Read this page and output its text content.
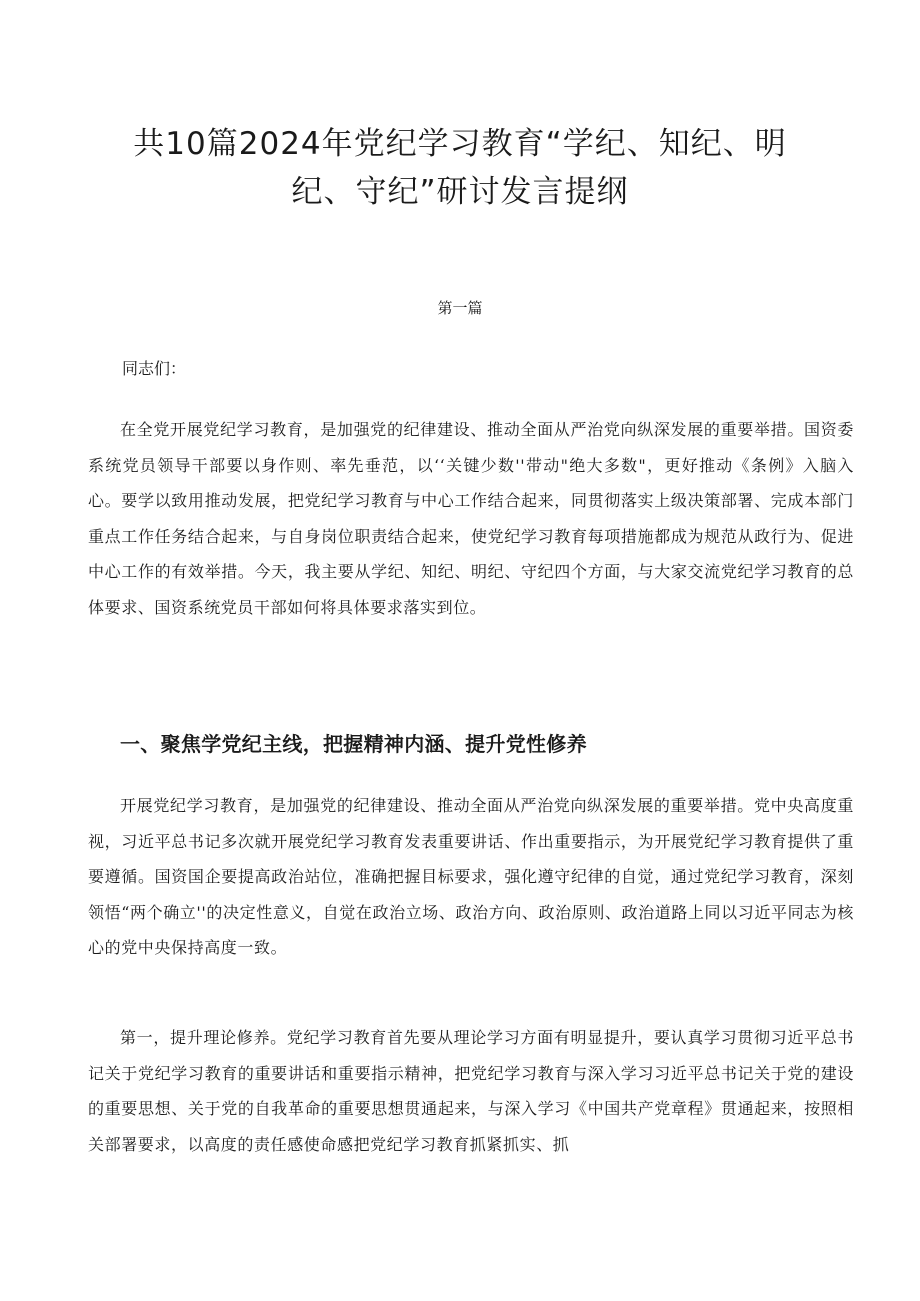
共10篇2024年党纪学习教育“学纪、知纪、明纪、守纪”研讨发言提纲
第一篇
同志们：

在全党开展党纪学习教育，是加强党的纪律建设、推动全面从严治党向纵深发展的重要举措。国资委系统党员领导干部要以身作则、率先垂范，以‘‘关键少数''带动"绝大多数"，更好推动《条例》入脑入心。要学以致用推动发展，把党纪学习教育与中心工作结合起来，同贯彻落实上级决策部署、完成本部门重点工作任务结合起来，与自身岗位职责结合起来，使党纪学习教育每项措施都成为规范从政行为、促进中心工作的有效举措。今天，我主要从学纪、知纪、明纪、守纪四个方面，与大家交流党纪学习教育的总体要求、国资系统党员干部如何将具体要求落实到位。

一、聚焦学党纪主线，把握精神内涵、提升党性修养

开展党纪学习教育，是加强党的纪律建设、推动全面从严治党向纵深发展的重要举措。党中央高度重视，习近平总书记多次就开展党纪学习教育发表重要讲话、作出重要指示，为开展党纪学习教育提供了重要遵循。国资国企要提高政治站位，准确把握目标要求，强化遵守纪律的自觉，通过党纪学习教育，深刻领悟“两个确立''的决定性意义，自觉在政治立场、政治方向、政治原则、政治道路上同以习近平同志为核心的党中央保持高度一致。

第一，提升理论修养。党纪学习教育首先要从理论学习方面有明显提升，要认真学习贯彻习近平总书记关于党纪学习教育的重要讲话和重要指示精神，把党纪学习教育与深入学习习近平总书记关于党的建设的重要思想、关于党的自我革命的重要思想贯通起来，与深入学习《中国共产党章程》贯通起来，按照相关部署要求，以高度的责任感使命感把党纪学习教育抓紧抓实、抓
